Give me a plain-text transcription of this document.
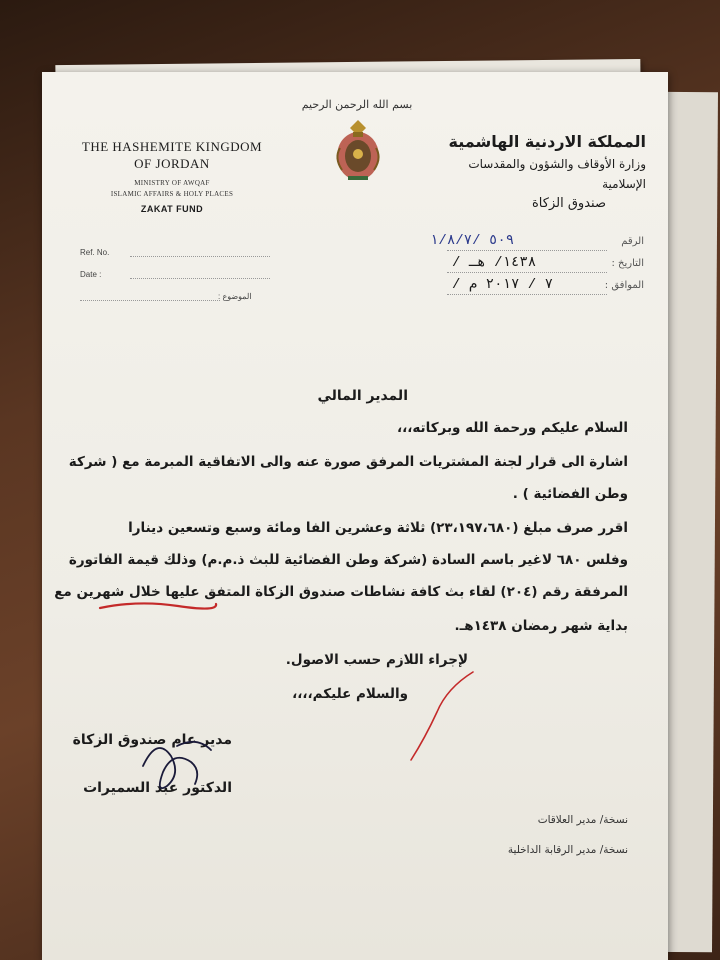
بسم الله الرحمن الرحيم
THE HASHEMITE KINGDOM
OF JORDAN
MINISTRY OF AWQAF
ISLAMIC AFFAIRS & HOLY PLACES
ZAKAT FUND
المملكة الاردنية الهاشمية
وزارة الأوقاف والشؤون والمقدسات الإسلامية
صندوق الزكاة
Ref. No.
Date :
الموضوع :
الرقم
٥٠٩ /١/٨/٧
التاريخ :
/ ١٤٣٨/ هـ
الموافق :
/ ٧ / ٢٠١٧ م
المدير المالي
السلام عليكم ورحمة الله وبركاته،،،
اشارة الى قرار لجنة المشتريات المرفق صورة عنه والى الاتفاقية المبرمة مع ( شركة
وطن الفضائية ) .
اقرر صرف مبلغ (٢٣،١٩٧،٦٨٠) ثلاثة وعشرين الفا ومائة وسبع وتسعين دينارا
وفلس ٦٨٠ لاغير باسم السادة (شركة وطن الفضائية للبث ذ.م.م) وذلك قيمة الفاتورة
المرفقة رقم (٢٠٤) لقاء بث كافة نشاطات صندوق الزكاة المتفق عليها خلال شهرين مع
بداية شهر رمضان ١٤٣٨هـ.
لإجراء اللازم حسب الاصول.
والسلام عليكم،،،،
مدير عام صندوق الزكاة
الدكتور عبد السميرات
نسخة/ مدير العلاقات
نسخة/ مدير الرقابة الداخلية
